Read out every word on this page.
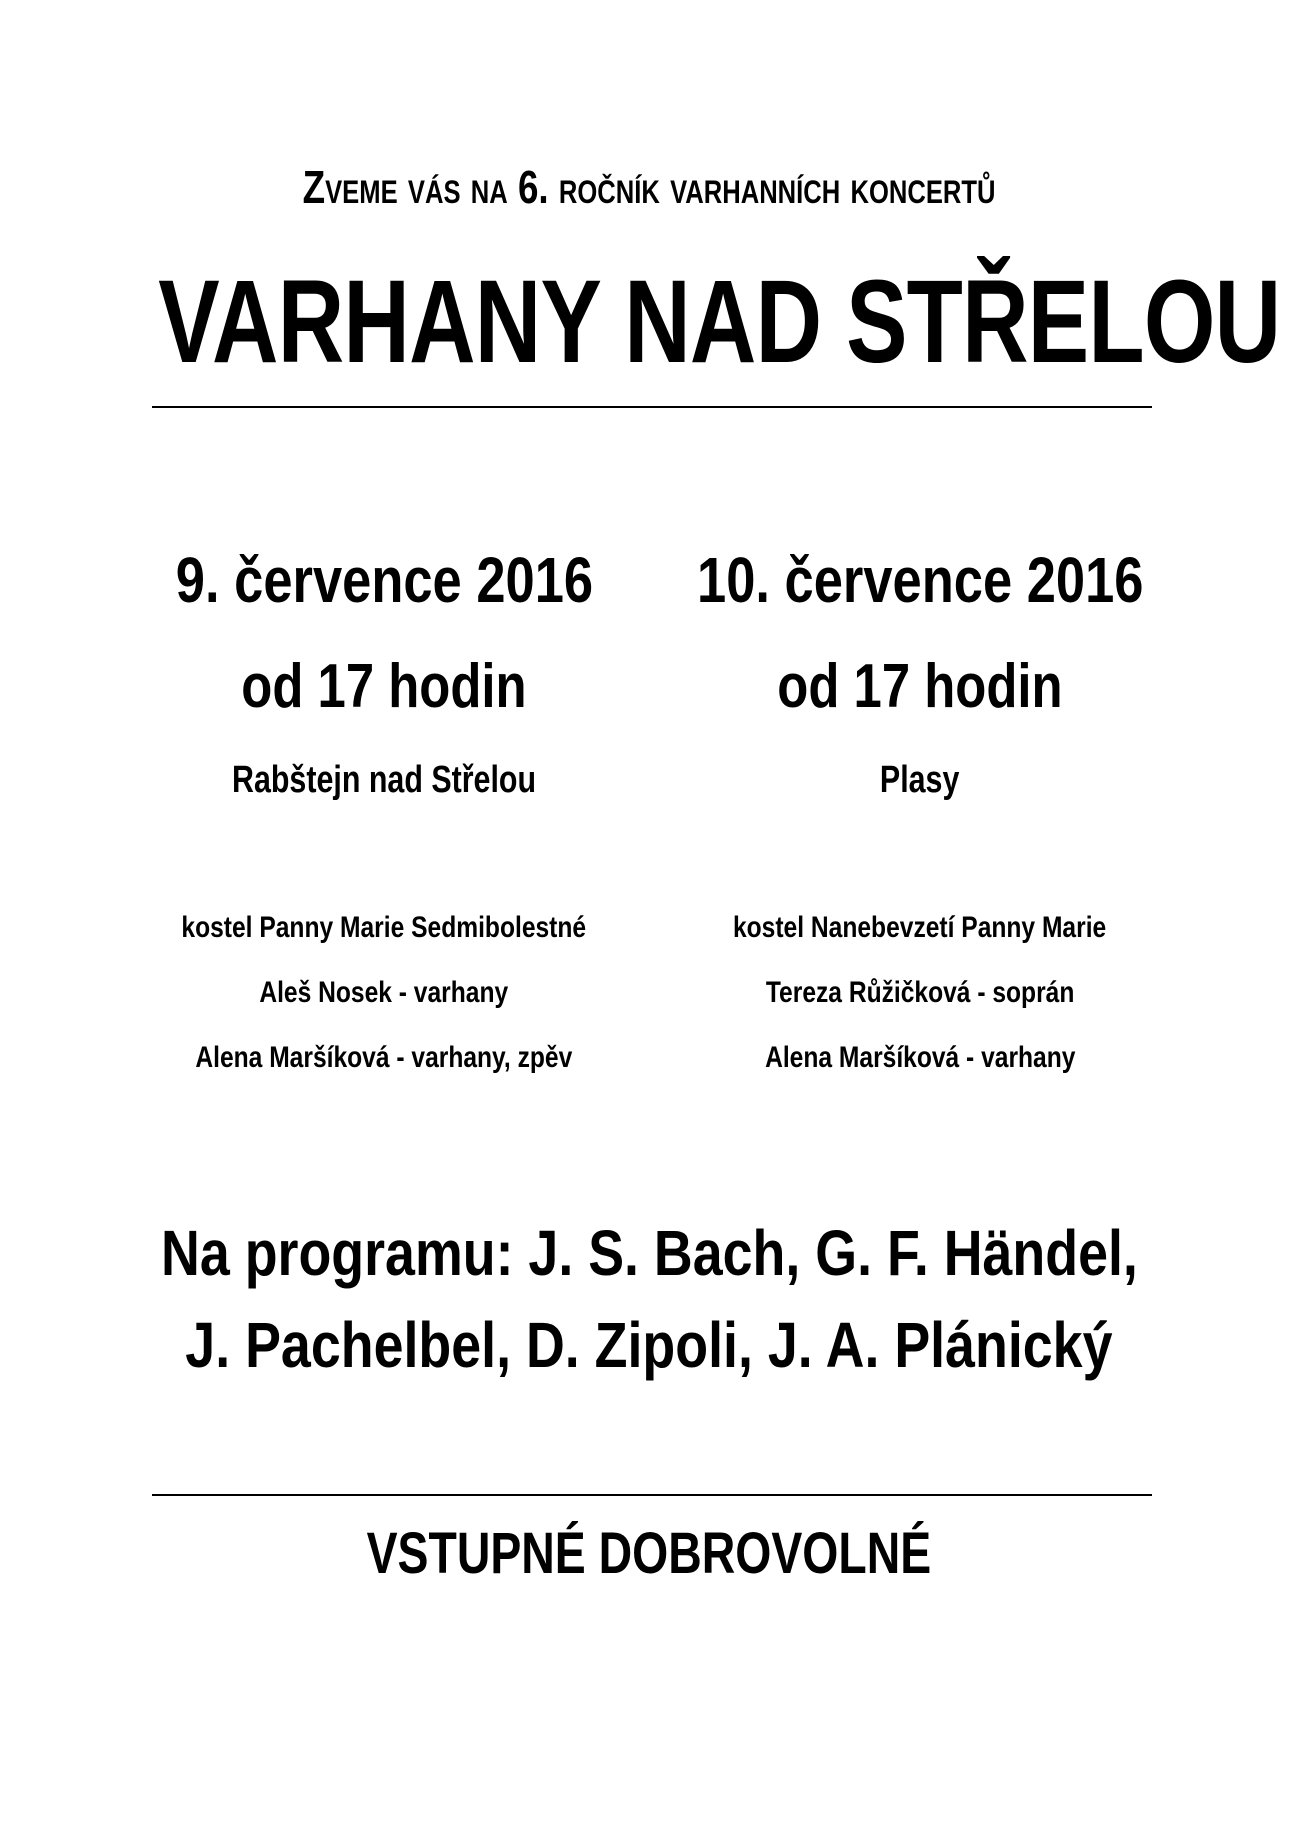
Zveme vás na 6. ročník varhanních koncertů
VARHANY NAD STŘELOU
9. července 2016
od 17 hodin
Rabštejn nad Střelou
kostel Panny Marie Sedmibolestné
Aleš Nosek - varhany
Alena Maršíková - varhany, zpěv
10. července 2016
od 17 hodin
Plasy
kostel Nanebevzetí Panny Marie
Tereza Růžičková - soprán
Alena Maršíková - varhany
Na programu: J. S. Bach, G. F. Händel,
J. Pachelbel, D. Zipoli, J. A. Plánický
VSTUPNÉ DOBROVOLNÉ
